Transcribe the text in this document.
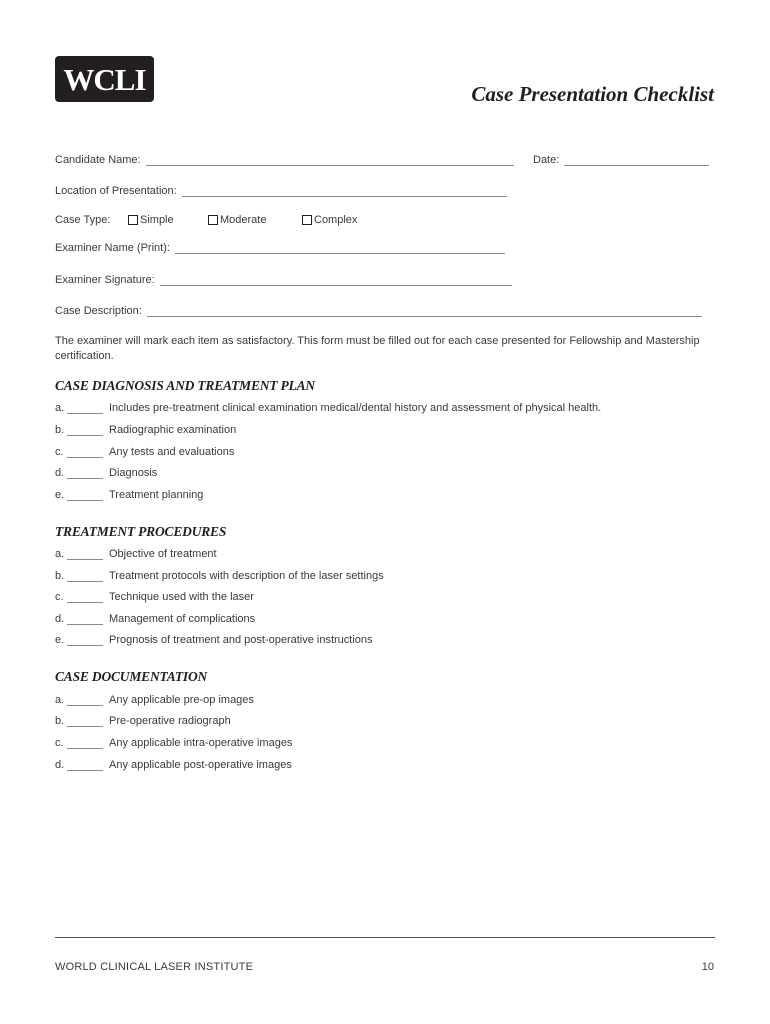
WCLI	Case Presentation Checklist
Candidate Name:	Date:
Location of Presentation:
Case Type:	Simple	Moderate	Complex
Examiner Name (Print):
Examiner Signature:
Case Description:
The examiner will mark each item as satisfactory. This form must be filled out for each case presented for Fellowship and Mastership certification.
CASE DIAGNOSIS AND TREATMENT PLAN
a.	Includes pre-treatment clinical examination medical/dental history and assessment of physical health.
b.	Radiographic examination
c.	Any tests and evaluations
d.	Diagnosis
e.	Treatment planning
TREATMENT PROCEDURES
a.	Objective of treatment
b.	Treatment protocols with description of the laser settings
c.	Technique used with the laser
d.	Management of complications
e.	Prognosis of treatment and post-operative instructions
CASE DOCUMENTATION
a.	Any applicable pre-op images
b.	Pre-operative radiograph
c.	Any applicable intra-operative images
d.	Any applicable post-operative images
WORLD CLINICAL LASER INSTITUTE	10
